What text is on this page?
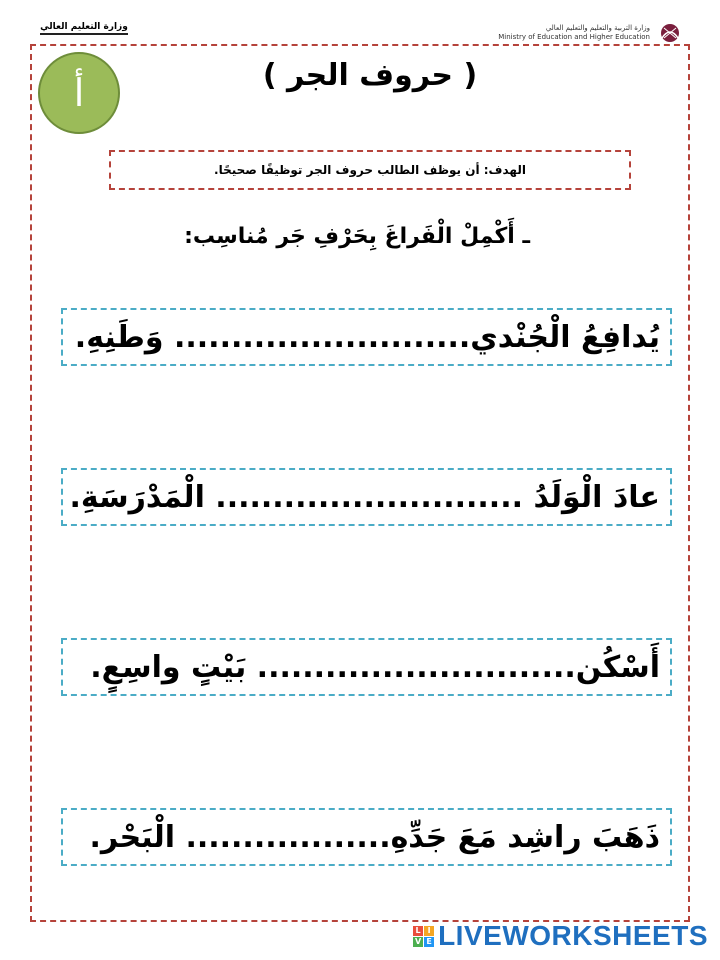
وزارة التعليم العالي	وزارة التربية والتعليم والتعليم العالي
Ministry of Education and Higher Education
أ	( حروف الجر )
الهدف: أن يوظف الطالب حروف الجر توظيفًا صحيحًا.
ـ أَكْمِلْ الْفَراغَ بِحَرْفِ جَر مُناسِب:
يُدافِعُ الْجُنْدي.......................... وَطَنِهِ.
عادَ الْوَلَدُ ........................... الْمَدْرَسَةِ.
أَسْكُن............................ بَيْتٍ واسِعٍ.
ذَهَبَ راشِد مَعَ جَدِّهِ.................. الْبَحْر.
L I
V E LIVEWORKSHEETS
